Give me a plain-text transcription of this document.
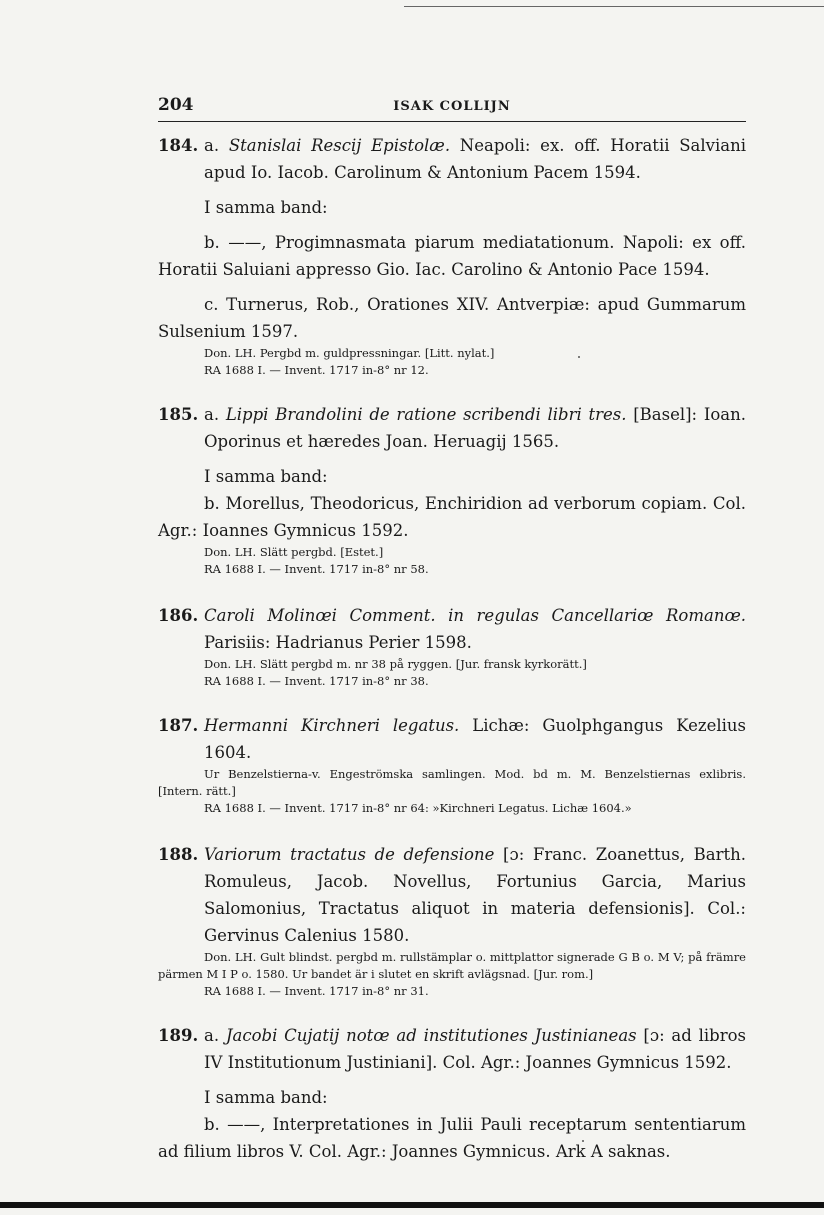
204	ISAK COLLIJN
184. a. Stanislai Rescij Epistolæ. Neapoli: ex. off. Horatii Salviani apud Io. Iacob. Carolinum & Antonium Pacem 1594.
I samma band:
b. ——, Progimnasmata piarum mediatationum. Napoli: ex off. Horatii Saluiani appresso Gio. Iac. Carolino & Antonio Pace 1594.
c. Turnerus, Rob., Orationes XIV. Antverpiæ: apud Gummarum Sulsenium 1597.
Don. LH. Pergbd m. guldpressningar. [Litt. nylat.]
RA 1688 I. — Invent. 1717 in-8° nr 12.
185. a. Lippi Brandolini de ratione scribendi libri tres. [Basel]: Ioan. Oporinus et hæredes Joan. Heruagij 1565.
I samma band:
b. Morellus, Theodoricus, Enchiridion ad verborum copiam. Col. Agr.: Ioannes Gymnicus 1592.
Don. LH. Slätt pergbd. [Estet.]
RA 1688 I. — Invent. 1717 in-8° nr 58.
186. Caroli Molinœi Comment. in regulas Cancellariœ Romanœ. Parisiis: Hadrianus Perier 1598.
Don. LH. Slätt pergbd m. nr 38 på ryggen. [Jur. fransk kyrkorätt.]
RA 1688 I. — Invent. 1717 in-8° nr 38.
187. Hermanni Kirchneri legatus. Lichæ: Guolphgangus Kezelius 1604.
Ur Benzelstierna-v. Engeströmska samlingen. Mod. bd m. M. Benzelstiernas exlibris. [Intern. rätt.]
RA 1688 I. — Invent. 1717 in-8° nr 64: »Kirchneri Legatus. Lichæ 1604.»
188. Variorum tractatus de defensione [ɔ: Franc. Zoanettus, Barth. Romuleus, Jacob. Novellus, Fortunius Garcia, Marius Salomonius, Tractatus aliquot in materia defensionis]. Col.: Gervinus Calenius 1580.
Don. LH. Gult blindst. pergbd m. rullstämplar o. mittplattor signerade G B o. M V; på främre pärmen M I P o. 1580. Ur bandet är i slutet en skrift avlägsnad. [Jur. rom.]
RA 1688 I. — Invent. 1717 in-8° nr 31.
189. a. Jacobi Cujatij notœ ad institutiones Justinianeas [ɔ: ad libros IV Institutionum Justiniani]. Col. Agr.: Joannes Gymnicus 1592.
I samma band:
b. ——, Interpretationes in Julii Pauli receptarum sententiarum ad filium libros V. Col. Agr.: Joannes Gymnicus. Ark A saknas.
